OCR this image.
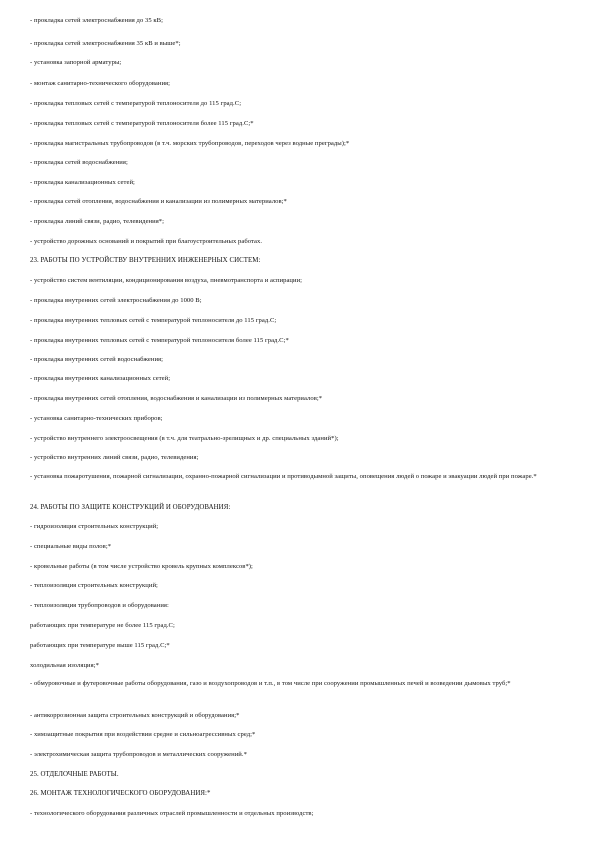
- прокладка сетей электроснабжения до 35 кВ;
- прокладка сетей электроснабжения 35 кВ и выше*;
- установка запорной арматуры;
- монтаж санитарно-технического оборудования;
- прокладка тепловых сетей с температурой теплоносителя до 115 град.С;
- прокладка тепловых сетей с температурой теплоносителя более 115 град.С;*
- прокладка магистральных трубопроводов (в т.ч. морских трубопроводов, переходов через водные преграды);*
- прокладка сетей водоснабжения;
- прокладка канализационных сетей;
- прокладка сетей отопления, водоснабжения и канализации из полимерных материалов;*
- прокладка линий связи, радио, телевидения*;
- устройство дорожных оснований и покрытий при благоустроительных работах.
23. РАБОТЫ ПО УСТРОЙСТВУ ВНУТРЕННИХ ИНЖЕНЕРНЫХ СИСТЕМ:
- устройство систем вентиляции, кондиционирования воздуха, пневмотранспорта и аспирации;
- прокладка внутренних сетей электроснабжения до 1000 В;
- прокладка внутренних тепловых сетей с температурой теплоносителя до 115 град.С;
- прокладка внутренних тепловых сетей с температурой теплоносителя более 115 град.С;*
- прокладка внутренних сетей водоснабжения;
- прокладка внутренних канализационных сетей;
- прокладка внутренних сетей отопления, водоснабжения и канализации из полимерных материалов;*
- установка санитарно-технических приборов;
- устройство внутреннего электроосвещения (в т.ч. для театрально-зрелищных и др. специальных зданий*);
- устройство внутренних линий связи, радио, телевидения;
- установка пожаротушения, пожарной сигнализации, охранно-пожарной сигнализации и противодымной защиты, оповещения людей о пожаре и эвакуации людей при пожаре.*
24. РАБОТЫ ПО ЗАЩИТЕ КОНСТРУКЦИЙ И ОБОРУДОВАНИЯ:
- гидроизоляция строительных конструкций;
- специальные виды полов;*
- кровельные работы (в том числе устройство кровель крупных комплексов*);
- теплоизоляция строительных конструкций;
- теплоизоляция трубопроводов и оборудования:
работающих при температуре не более 115 град.С;
работающих при температуре выше 115 град.С;*
холодильная изоляция;*
- обмуровочные и футеровочные работы оборудования, газо и воздухопроводов и т.п., в том числе при сооружении промышленных печей и возведении дымовых труб;*
- антикоррозионная защита строительных конструкций и оборудования;*
- химзащитные покрытия при воздействии средне и сильноагрессивных сред;*
- электрохимическая защита трубопроводов и металлических сооружений.*
25. ОТДЕЛОЧНЫЕ РАБОТЫ.
26. МОНТАЖ ТЕХНОЛОГИЧЕСКОГО ОБОРУДОВАНИЯ:*
- технологического оборудования различных отраслей промышленности и отдельных производств;
